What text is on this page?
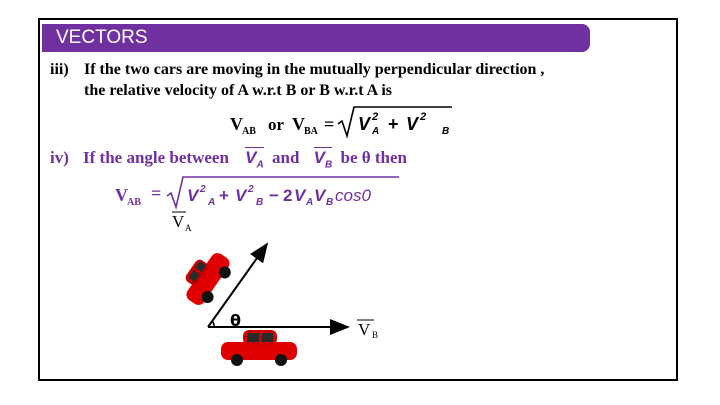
VECTORS
iii) If the two cars are moving in the mutually perpendicular direction ,
the relative velocity of A w.r.t B or B w.r.t A is
V AB or V BA = V 2
A + V 2
B
iv) If the angle between $V_A$ and $V_B$ be θ then
V AB = V 2
A + V 2
B − 2 V A V B cos0
V A
θ	V B
